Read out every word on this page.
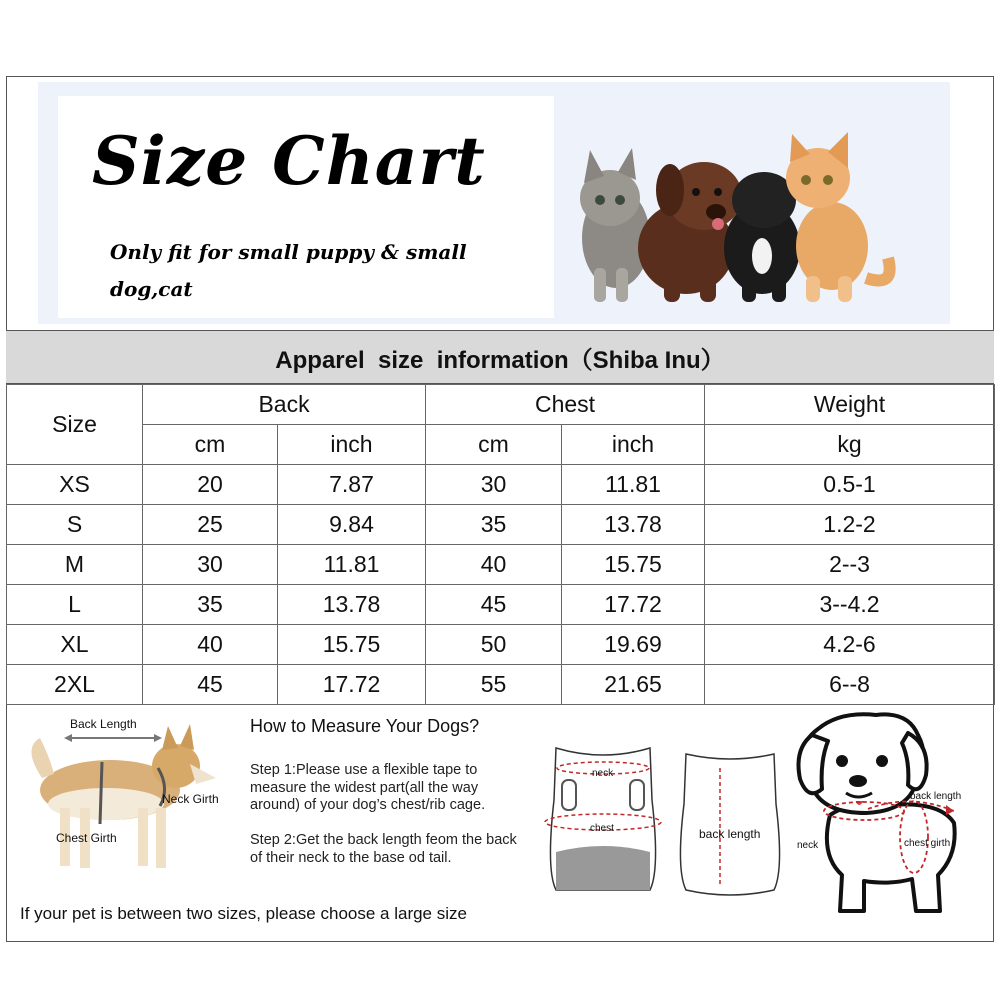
Size Chart
Only fit for small puppy & small dog,cat
Apparel  size  information（Shiba Inu）
Size	Back		Chest		Weight
	cm	inch	cm	inch	kg
XS	20	7.87	30	11.81	0.5-1
S	25	9.84	35	13.78	1.2-2
M	30	11.81	40	15.75	2--3
L	35	13.78	45	17.72	3--4.2
XL	40	15.75	50	19.69	4.2-6
2XL	45	17.72	55	21.65	6--8
Back Length
Neck Girth
Chest Girth
How to Measure Your Dogs?
Step 1:Please use a flexible tape to measure the widest part(all the way around) of your dog’s chest/rib cage.
Step 2:Get the back length feom the back of their neck to the base od tail.
neck
chest	back length
back length
neck	chest girth
If your pet is between two sizes, please choose a large size
